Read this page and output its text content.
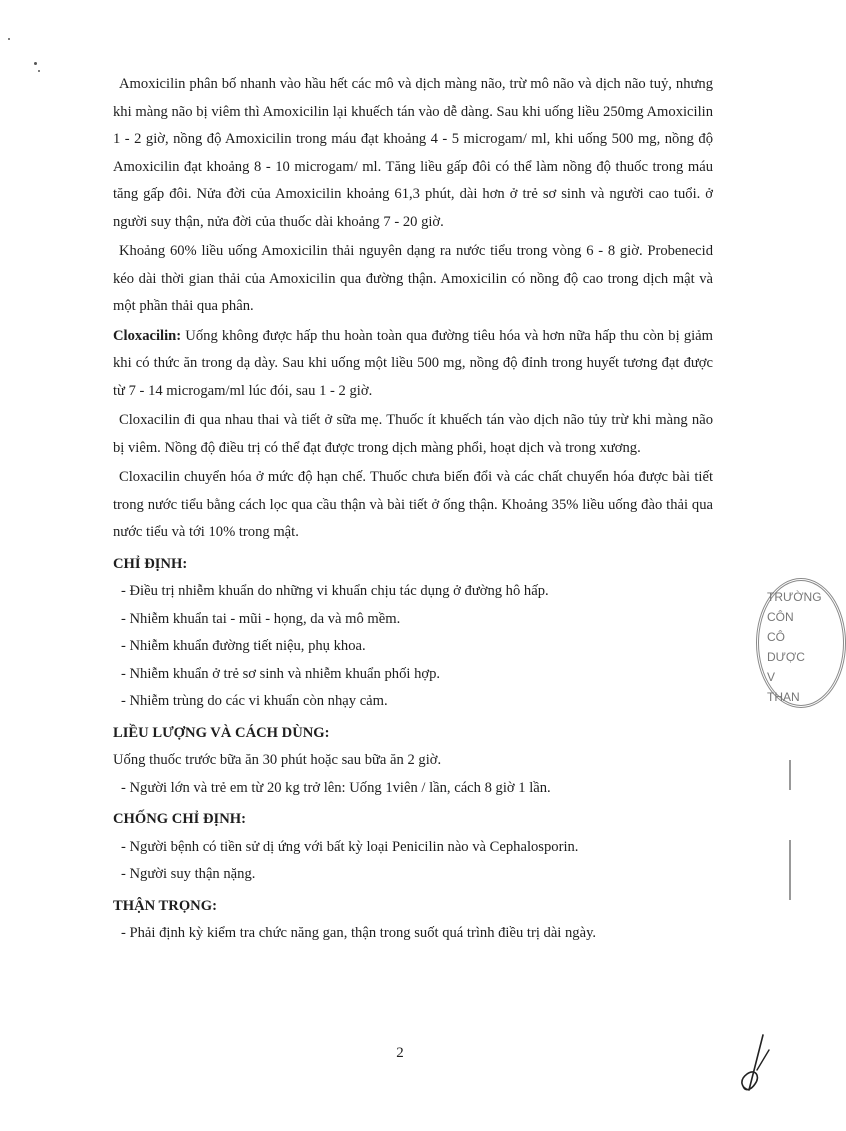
Amoxicilin phân bố nhanh vào hầu hết các mô và dịch màng não, trừ mô não và dịch não tuỷ, nhưng khi màng não bị viêm thì Amoxicilin lại khuếch tán vào dễ dàng. Sau khi uống liều 250mg Amoxicilin 1 - 2 giờ, nồng độ Amoxicilin trong máu đạt khoảng 4 - 5 microgam/ ml, khi uống 500 mg, nồng độ Amoxicilin đạt khoảng 8 - 10 microgam/ ml. Tăng liều gấp đôi có thể làm nồng độ thuốc trong máu tăng gấp đôi. Nửa đời của Amoxicilin khoảng 61,3 phút, dài hơn ở trẻ sơ sinh và người cao tuổi. ở người suy thận, nửa đời của thuốc dài khoảng 7 - 20 giờ.

Khoảng 60% liều uống Amoxicilin thải nguyên dạng ra nước tiểu trong vòng 6 - 8 giờ. Probenecid kéo dài thời gian thải của Amoxicilin qua đường thận. Amoxicilin có nồng độ cao trong dịch mật và một phần thải qua phân.

Cloxacilin: Uống không được hấp thu hoàn toàn qua đường tiêu hóa và hơn nữa hấp thu còn bị giảm khi có thức ăn trong dạ dày. Sau khi uống một liều 500 mg, nồng độ đỉnh trong huyết tương đạt được từ 7 - 14 microgam/ml lúc đói, sau 1 - 2 giờ.

Cloxacilin đi qua nhau thai và tiết ở sữa mẹ. Thuốc ít khuếch tán vào dịch não tủy trừ khi màng não bị viêm. Nồng độ điều trị có thể đạt được trong dịch màng phổi, hoạt dịch và trong xương.

Cloxacilin chuyển hóa ở mức độ hạn chế. Thuốc chưa biến đổi và các chất chuyển hóa được bài tiết trong nước tiểu bằng cách lọc qua cầu thận và bài tiết ở ống thận. Khoảng 35% liều uống đào thải qua nước tiểu và tới 10% trong mật.

CHỈ ĐỊNH:

- Điều trị nhiễm khuẩn do những vi khuẩn chịu tác dụng ở đường hô hấp.

- Nhiễm khuẩn tai - mũi - họng, da và mô mềm.

- Nhiễm khuẩn đường tiết niệu, phụ khoa.

- Nhiễm khuẩn ở trẻ sơ sinh và nhiễm khuẩn phối hợp.

- Nhiễm trùng do các vi khuẩn còn nhạy cảm.

LIỀU LƯỢNG VÀ CÁCH DÙNG:

Uống thuốc trước bữa ăn 30 phút hoặc sau bữa ăn 2 giờ.

- Người lớn và trẻ em từ 20 kg trở lên: Uống 1viên / lần, cách 8 giờ 1 lần.

CHỐNG CHỈ ĐỊNH:

- Người bệnh có tiền sử dị ứng với bất kỳ loại Penicilin nào và Cephalosporin.

- Người suy thận nặng.

THẬN TRỌNG:

- Phải định kỳ kiểm tra chức năng gan, thận trong suốt quá trình điều trị dài ngày.

2
TRƯỜNG
CÔN
CÔ
DƯỢC
V
THAN
